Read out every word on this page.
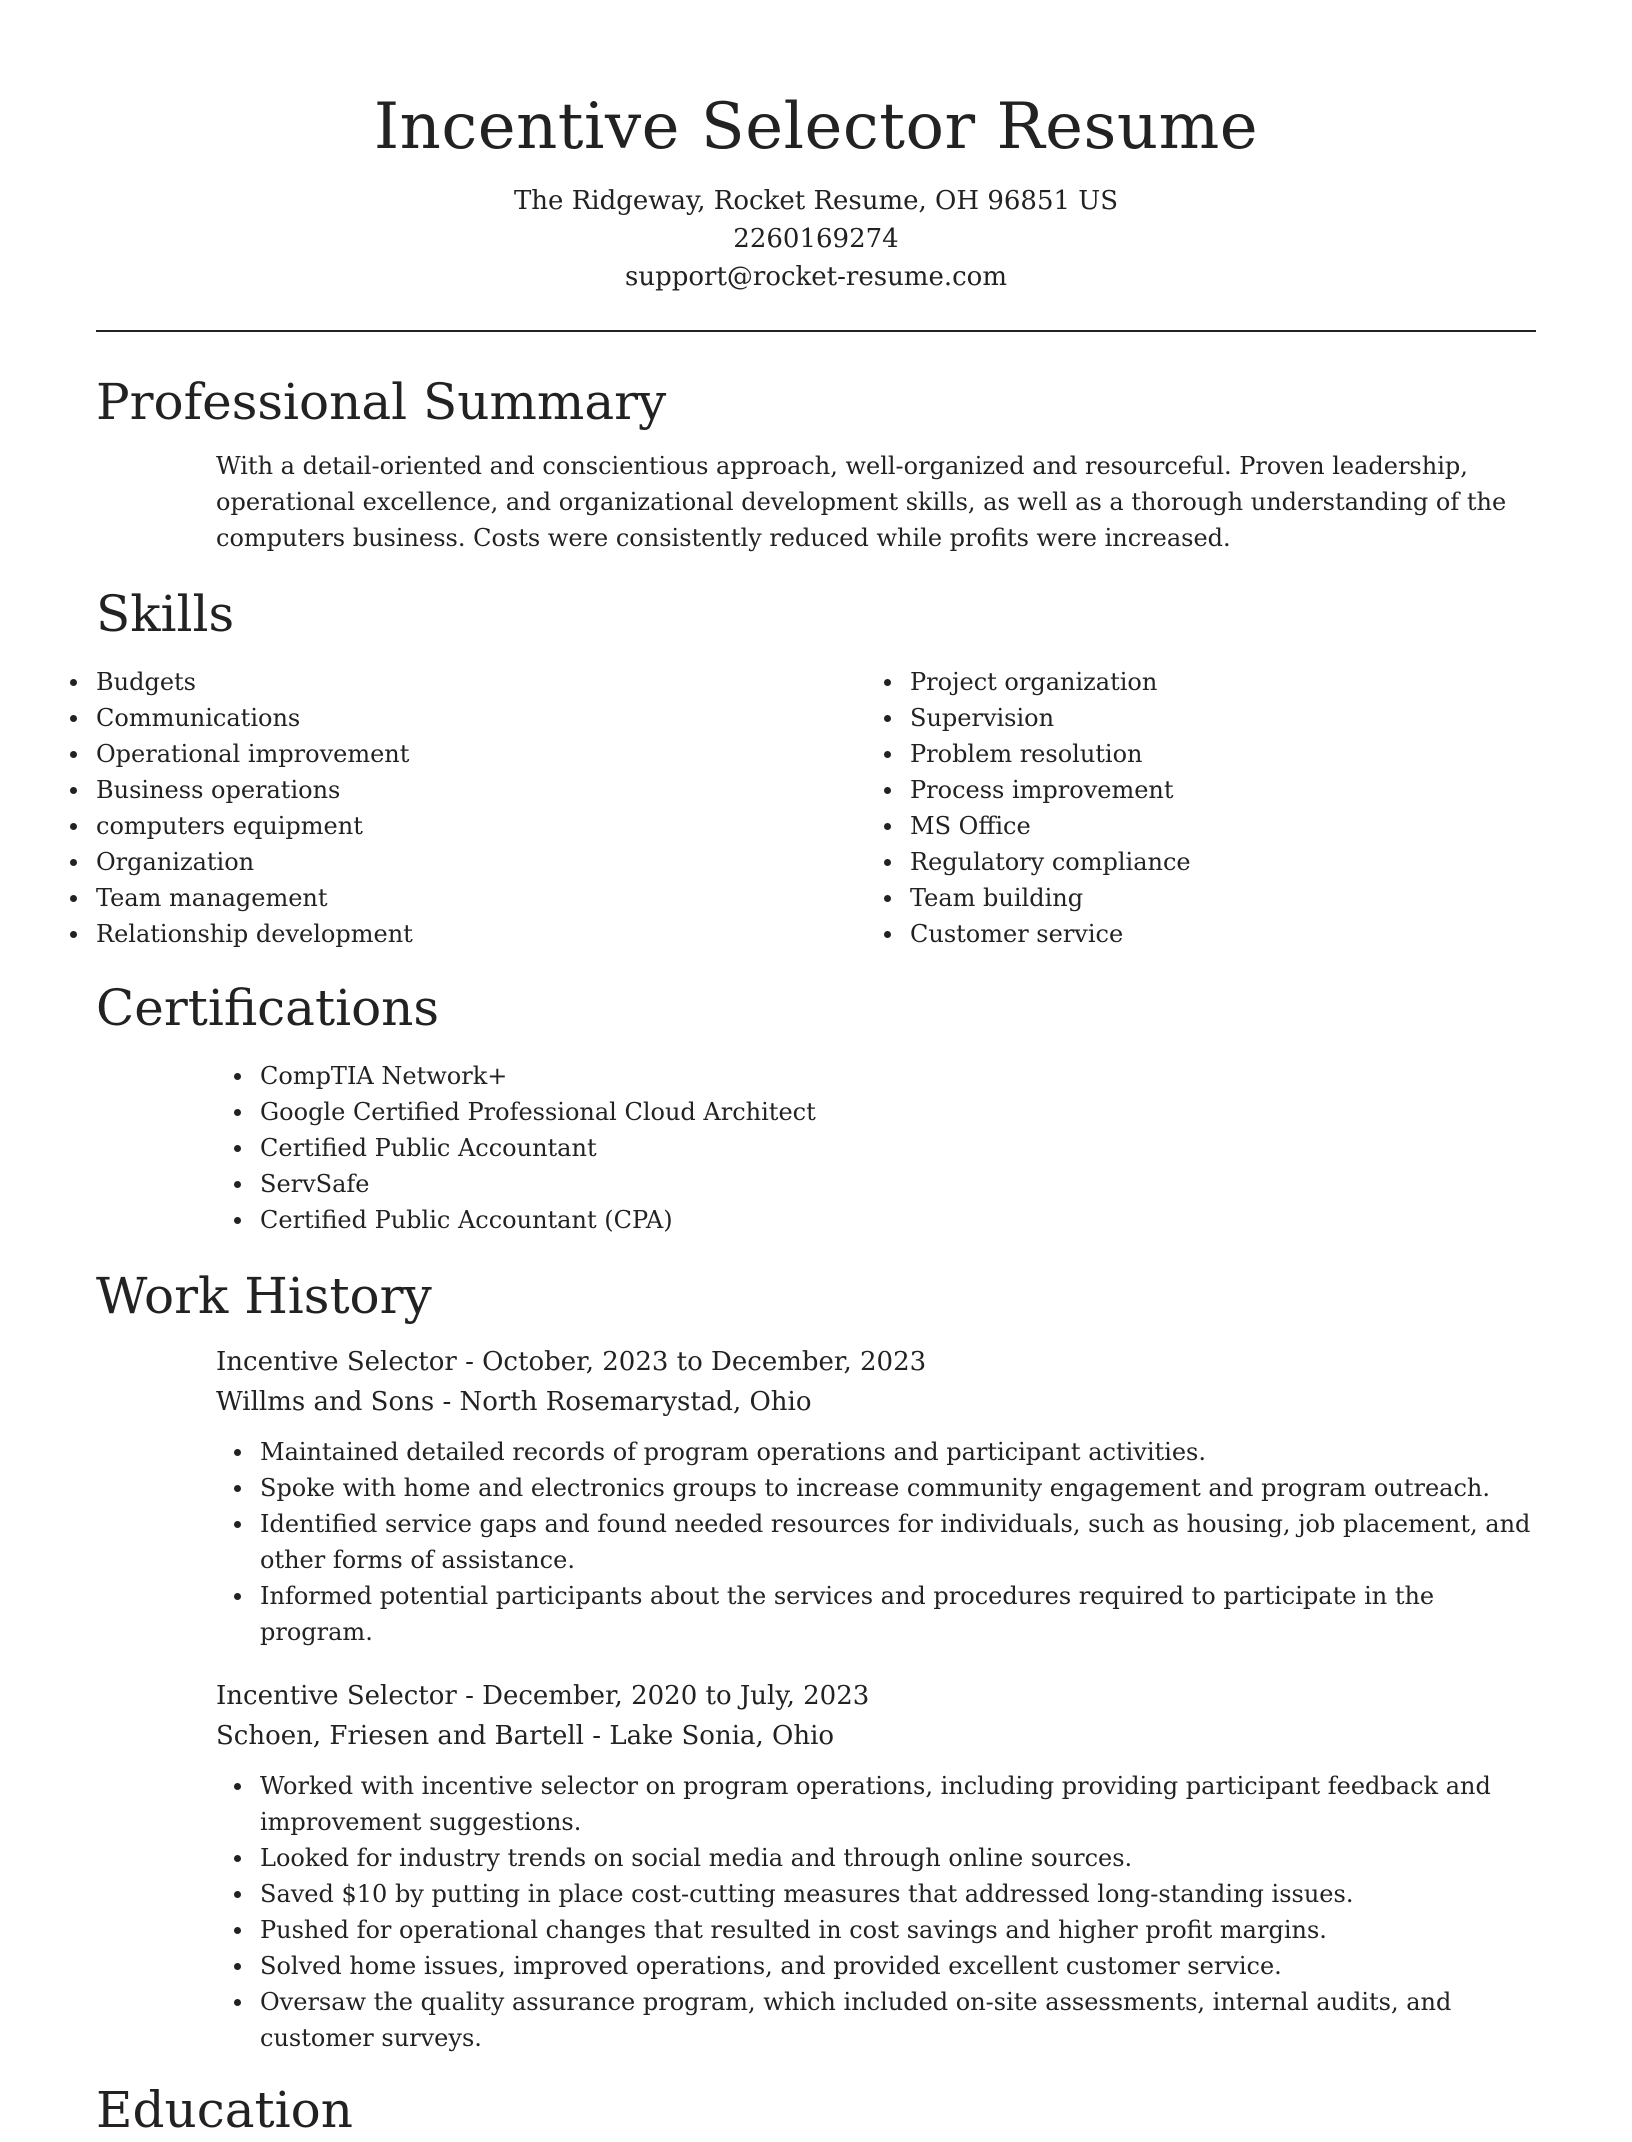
Incentive Selector Resume
The Ridgeway, Rocket Resume, OH 96851 US
2260169274
support@rocket-resume.com
Professional Summary

With a detail-oriented and conscientious approach, well-organized and resourceful. Proven leadership, operational excellence, and organizational development skills, as well as a thorough understanding of the computers business. Costs were consistently reduced while profits were increased.

Skills
Budgets
Communications
Operational improvement
Business operations
computers equipment
Organization
Team management
Relationship development
Project organization
Supervision
Problem resolution
Process improvement
MS Office
Regulatory compliance
Team building
Customer service
Certifications
CompTIA Network+
Google Certified Professional Cloud Architect
Certified Public Accountant
ServSafe
Certified Public Accountant (CPA)
Work History
Incentive Selector - October, 2023 to December, 2023
Willms and Sons - North Rosemarystad, Ohio
Maintained detailed records of program operations and participant activities.
Spoke with home and electronics groups to increase community engagement and program outreach.
Identified service gaps and found needed resources for individuals, such as housing, job placement, and other forms of assistance.
Informed potential participants about the services and procedures required to participate in the program.
Incentive Selector - December, 2020 to July, 2023
Schoen, Friesen and Bartell - Lake Sonia, Ohio
Worked with incentive selector on program operations, including providing participant feedback and improvement suggestions.
Looked for industry trends on social media and through online sources.
Saved $10 by putting in place cost-cutting measures that addressed long-standing issues.
Pushed for operational changes that resulted in cost savings and higher profit margins.
Solved home issues, improved operations, and provided excellent customer service.
Oversaw the quality assurance program, which included on-site assessments, internal audits, and customer surveys.
Education
